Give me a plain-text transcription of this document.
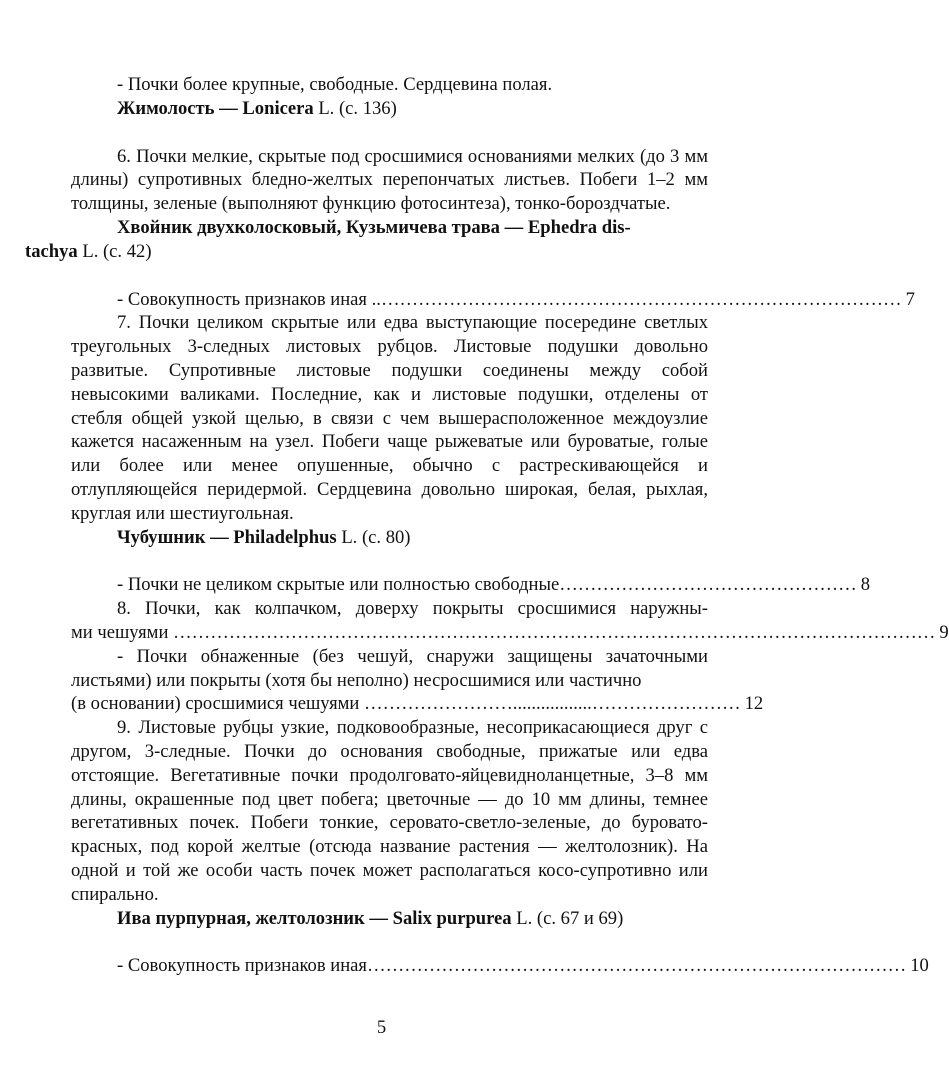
- Почки более крупные, свободные. Сердцевина полая.

Жимолость — Lonicera L. (с. 136)

6. Почки мелкие, скрытые под сросшимися основаниями мелких (до 3 мм длины) супротивных бледно-желтых перепончатых листьев. Побеги 1–2 мм толщины, зеленые (выполняют функцию фотосинтеза), тонко-бороздчатые.

Хвойник двухколосковый, Кузьмичева трава — Ephedra dis-
tachya L. (с. 42)

- Совокупность признаков иная .. ………………………………………………………………………… 7

7. Почки целиком скрытые или едва выступающие посередине светлых треугольных 3-следных листовых рубцов. Листовые подушки довольно развитые. Супротивные листовые подушки соединены между собой невысокими валиками. Последние, как и листовые подушки, отделены от стебля общей узкой щелью, в связи с чем вышерасположенное междоузлие кажется насаженным на узел. Побеги чаще рыжеватые или буроватые, голые или более или менее опушенные, обычно с растрескивающейся и отлупляющейся перидермой. Сердцевина довольно широкая, белая, рыхлая, круглая или шестиугольная.

Чубушник — Philadelphus L. (с. 80)

- Почки не целиком скрытые или полностью свободные ………………………………………… 8
8. Почки, как колпачком, доверху покрыты сросшимися наружны-
ми чешуями …………………………………………………………………………………………………………… 9
- Почки обнаженные (без чешуй, снаружи защищены зачаточными листьями) или покрыты (хотя бы неполно) несросшимися или частично
(в основании) сросшимися чешуями …………………….................…………………… 12

9. Листовые рубцы узкие, подковообразные, несоприкасающиеся друг с другом, 3-следные. Почки до основания свободные, прижатые или едва отстоящие. Вегетативные почки продолговато-яйцевидноланцетные, 3–8 мм длины, окрашенные под цвет побега; цветочные — до 10 мм длины, темнее вегетативных почек. Побеги тонкие, серовато-светло-зеленые, до буровато-красных, под корой желтые (отсюда название растения — желтолозник). На одной и той же особи часть почек может располагаться косо-супротивно или спирально.

Ива пурпурная, желтолозник — Salix purpurea L. (с. 67 и 69)

- Совокупность признаков иная …………………………………………………………………………… 10
5
